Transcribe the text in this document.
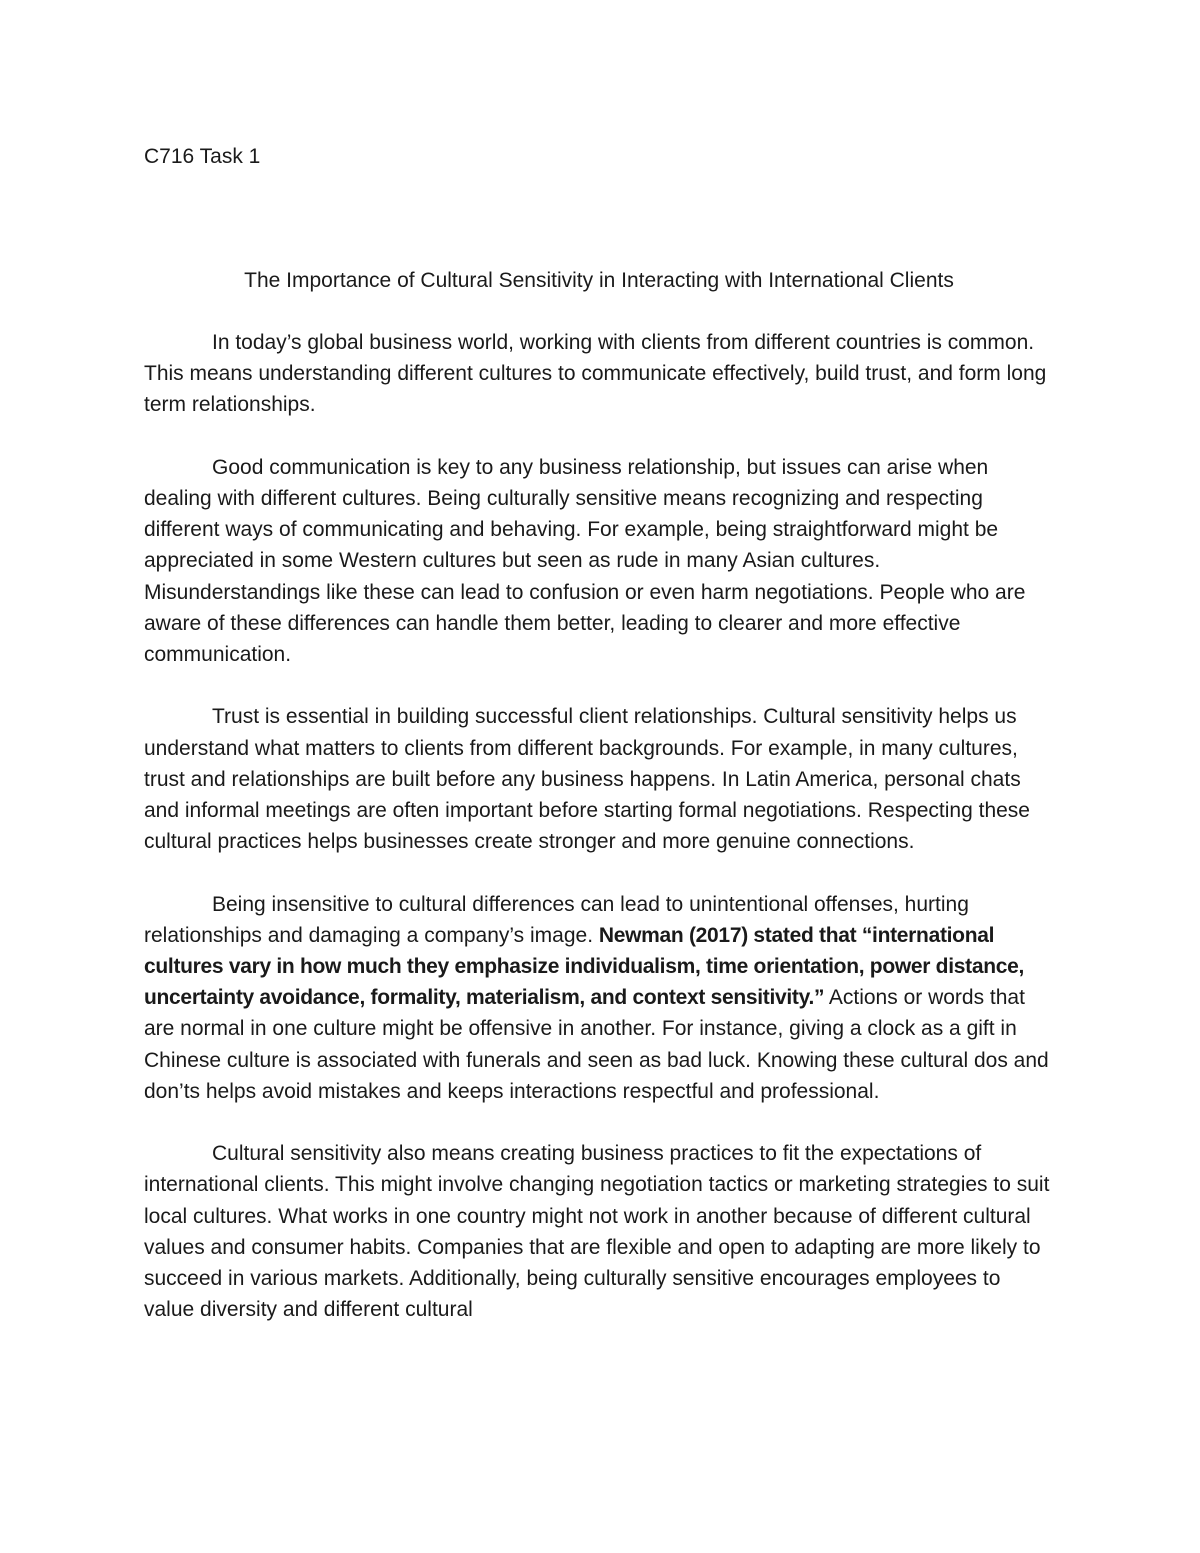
C716 Task 1

The Importance of Cultural Sensitivity in Interacting with International Clients

In today’s global business world, working with clients from different countries is common. This means understanding different cultures to communicate effectively, build trust, and form long term relationships.

Good communication is key to any business relationship, but issues can arise when dealing with different cultures. Being culturally sensitive means recognizing and respecting different ways of communicating and behaving. For example, being straightforward might be appreciated in some Western cultures but seen as rude in many Asian cultures. Misunderstandings like these can lead to confusion or even harm negotiations. People who are aware of these differences can handle them better, leading to clearer and more effective communication.

Trust is essential in building successful client relationships. Cultural sensitivity helps us understand what matters to clients from different backgrounds. For example, in many cultures, trust and relationships are built before any business happens. In Latin America, personal chats and informal meetings are often important before starting formal negotiations. Respecting these cultural practices helps businesses create stronger and more genuine connections.

Being insensitive to cultural differences can lead to unintentional offenses, hurting relationships and damaging a company’s image. Newman (2017) stated that “international cultures vary in how much they emphasize individualism, time orientation, power distance, uncertainty avoidance, formality, materialism, and context sensitivity.” Actions or words that are normal in one culture might be offensive in another. For instance, giving a clock as a gift in Chinese culture is associated with funerals and seen as bad luck. Knowing these cultural dos and don’ts helps avoid mistakes and keeps interactions respectful and professional.

Cultural sensitivity also means creating business practices to fit the expectations of international clients. This might involve changing negotiation tactics or marketing strategies to suit local cultures. What works in one country might not work in another because of different cultural values and consumer habits. Companies that are flexible and open to adapting are more likely to succeed in various markets. Additionally, being culturally sensitive encourages employees to value diversity and different cultural
